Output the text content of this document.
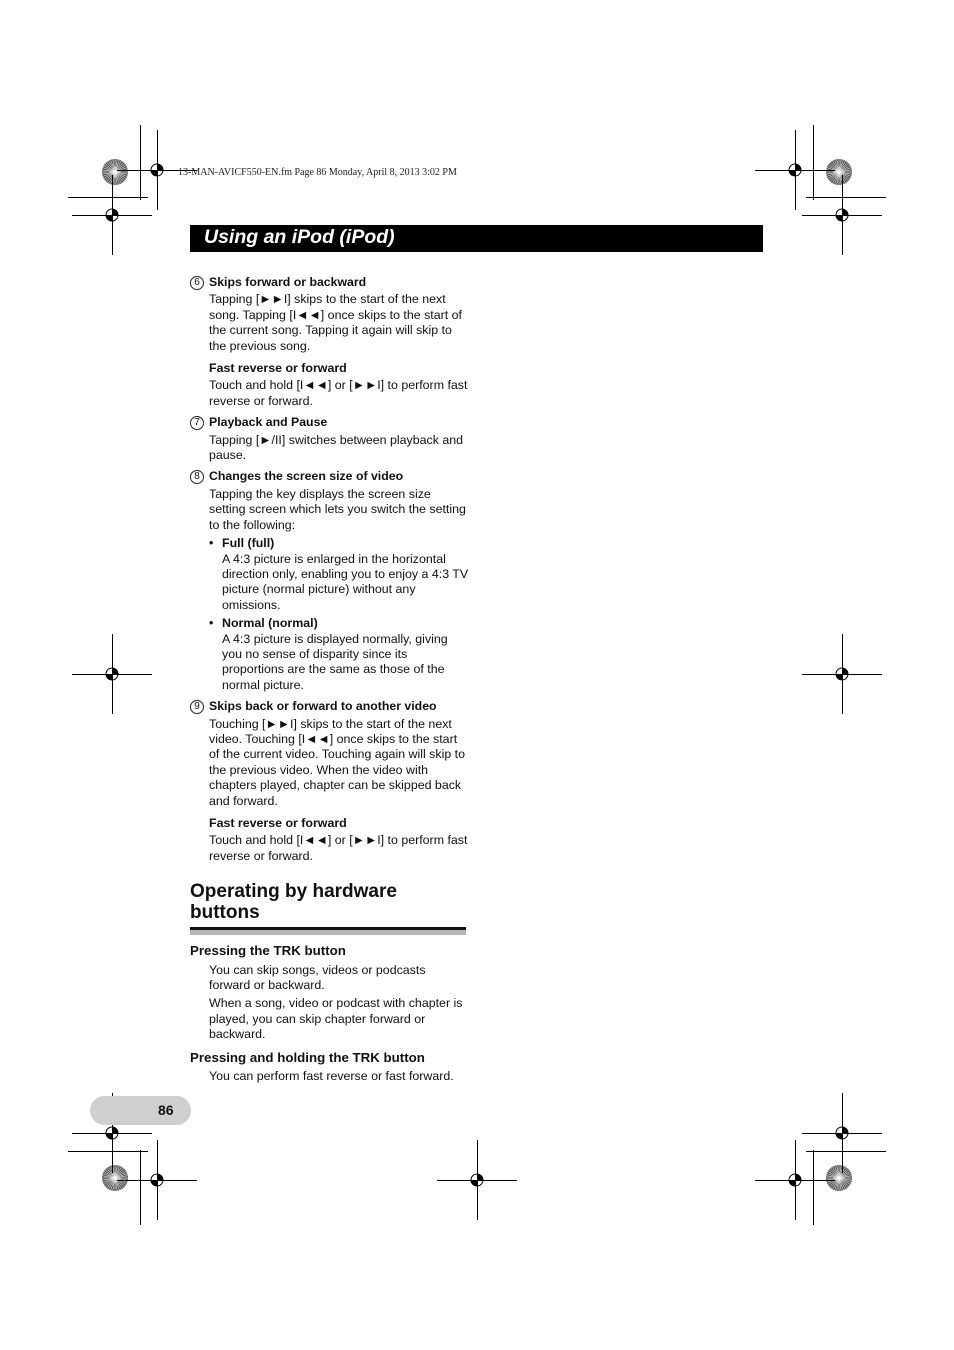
13-MAN-AVICF550-EN.fm Page 86 Monday, April 8, 2013 3:02 PM
Using an iPod (iPod)
6 Skips forward or backward
Tapping [►►I] skips to the start of the next song. Tapping [I◄◄] once skips to the start of the current song. Tapping it again will skip to the previous song.
Fast reverse or forward
Touch and hold [I◄◄] or [►►I] to perform fast reverse or forward.
7 Playback and Pause
Tapping [►/II] switches between playback and pause.
8 Changes the screen size of video
Tapping the key displays the screen size setting screen which lets you switch the setting to the following:
• Full (full)
A 4:3 picture is enlarged in the horizontal direction only, enabling you to enjoy a 4:3 TV picture (normal picture) without any omissions.
• Normal (normal)
A 4:3 picture is displayed normally, giving you no sense of disparity since its proportions are the same as those of the normal picture.
9 Skips back or forward to another video
Touching [►►I] skips to the start of the next video. Touching [I◄◄] once skips to the start of the current video. Touching again will skip to the previous video. When the video with chapters played, chapter can be skipped back and forward.
Fast reverse or forward
Touch and hold [I◄◄] or [►►I] to perform fast reverse or forward.
Operating by hardware buttons
Pressing the TRK button
You can skip songs, videos or podcasts forward or backward.
When a song, video or podcast with chapter is played, you can skip chapter forward or backward.
Pressing and holding the TRK button
You can perform fast reverse or fast forward.
86
